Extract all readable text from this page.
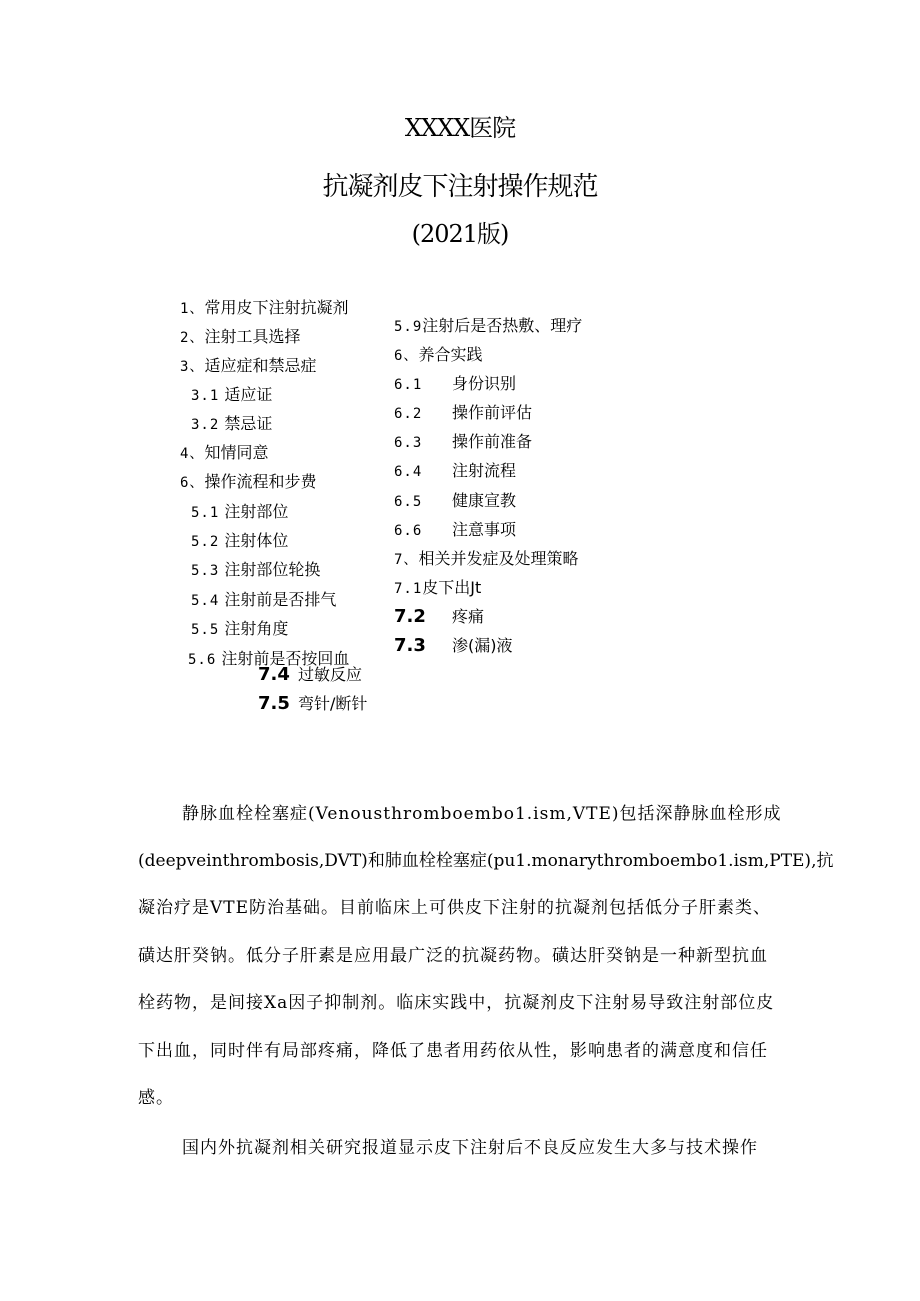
XXXX医院
抗凝剂皮下注射操作规范
(2021版)
1、常用皮下注射抗凝剂
2、注射工具选择
3、适应症和禁忌症
3.1 适应证
3.2 禁忌证
4、知情同意
6、操作流程和步费
5.1 注射部位
5.2 注射体位
5.3 注射部位轮换
5.4 注射前是否排气
5.5 注射角度
5.6 注射前是否按回血
5.9注射后是否热敷、理疗
6、养合实践
6.1 身份识别
6.2 操作前评估
6.3 操作前准备
6.4 注射流程
6.5 健康宣教
6.6 注意事项
7、相关并发症及处理策略
7.1皮下出Jt
7.2 疼痛
7.3 渗(漏)液
7.4 过敏反应
7.5 弯针/断针
静脉血栓栓塞症(Venousthromboembo1.ism,VTE)包括深静脉血栓形成
(deepveinthrombosis,DVT)和肺血栓栓塞症(pu1.monarythromboembo1.ism,PTE),抗
凝治疗是VTE防治基础。目前临床上可供皮下注射的抗凝剂包括低分子肝素类、
磺达肝癸钠。低分子肝素是应用最广泛的抗凝药物。磺达肝癸钠是一种新型抗血
栓药物，是间接Xa因子抑制剂。临床实践中，抗凝剂皮下注射易导致注射部位皮
下出血，同时伴有局部疼痛，降低了患者用药依从性，影响患者的满意度和信任
感。
国内外抗凝剂相关研究报道显示皮下注射后不良反应发生大多与技术操作
